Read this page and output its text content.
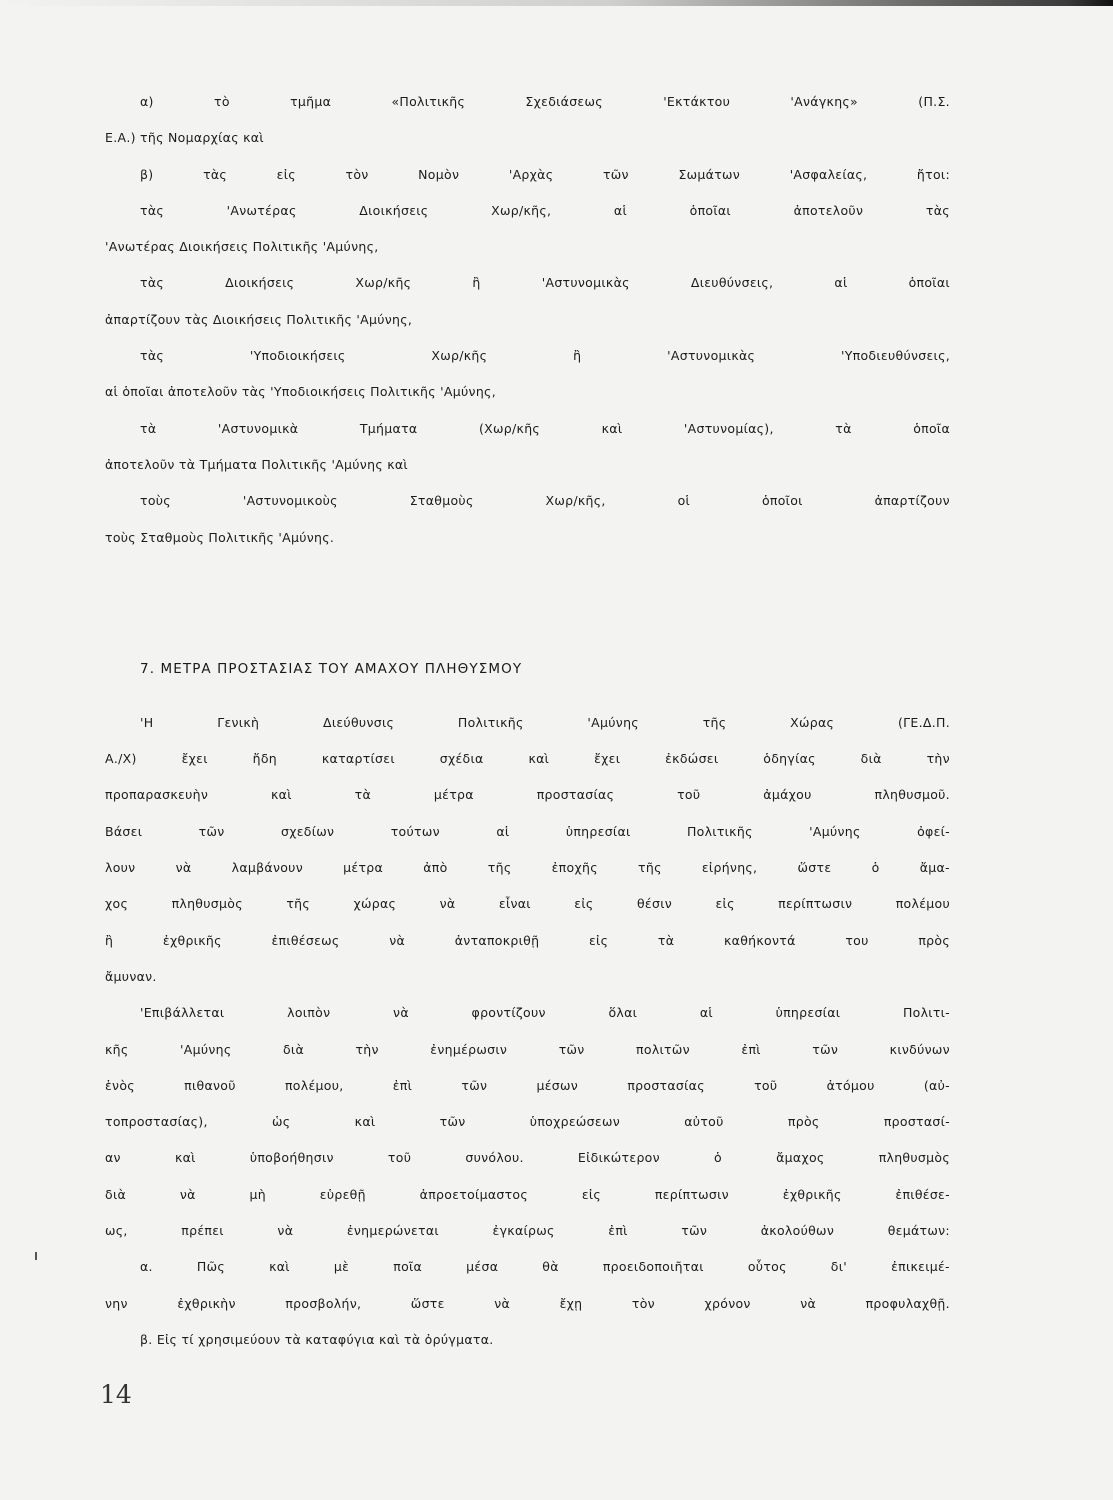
α)	τὸ	τμῆμα	«Πολιτικῆς	Σχεδιάσεως	'Εκτάκτου	'Ανάγκης»	(Π.Σ.
Ε.Α.) τῆς Νομαρχίας καὶ
β)	τὰς	εἰς	τὸν	Νομὸν	'Αρχὰς	τῶν	Σωμάτων	'Ασφαλείας,	ἤτοι:
τὰς	'Ανωτέρας	Διοικήσεις	Χωρ/κῆς,	αἱ	ὁποῖαι	ἀποτελοῦν	τὰς
'Ανωτέρας Διοικήσεις Πολιτικῆς 'Αμύνης,
τὰς	Διοικήσεις	Χωρ/κῆς	ἢ	'Αστυνομικὰς	Διευθύνσεις,	αἱ	ὁποῖαι
ἀπαρτίζουν τὰς Διοικήσεις Πολιτικῆς 'Αμύνης,
τὰς	'Υποδιοικήσεις	Χωρ/κῆς	ἢ	'Αστυνομικὰς	'Υποδιευθύνσεις,
αἱ ὁποῖαι ἀποτελοῦν τὰς 'Υποδιοικήσεις Πολιτικῆς 'Αμύνης,
τὰ	'Αστυνομικὰ	Τμήματα	(Χωρ/κῆς	καὶ	'Αστυνομίας),	τὰ	ὁποῖα
ἀποτελοῦν τὰ Τμήματα Πολιτικῆς 'Αμύνης καὶ
τοὺς	'Αστυνομικοὺς	Σταθμοὺς	Χωρ/κῆς,	οἱ	ὁποῖοι	ἀπαρτίζουν
τοὺς Σταθμοὺς Πολιτικῆς 'Αμύνης.
7. ΜΕΤΡΑ ΠΡΟΣΤΑΣΙΑΣ ΤΟΥ ΑΜΑΧΟΥ ΠΛΗΘΥΣΜΟΥ
'Η	Γενικὴ	Διεύθυνσις	Πολιτικῆς	'Αμύνης	τῆς	Χώρας	(ΓΕ.Δ.Π.
Α./Χ)	ἔχει	ἤδη	καταρτίσει	σχέδια	καὶ	ἔχει	ἐκδώσει	ὁδηγίας	διὰ	τὴν
προπαρασκευὴν	καὶ	τὰ	μέτρα	προστασίας	τοῦ	ἀμάχου	πληθυσμοῦ.
Βάσει	τῶν	σχεδίων	τούτων	αἱ	ὑπηρεσίαι	Πολιτικῆς	'Αμύνης	ὀφεί-
λουν	νὰ	λαμβάνουν	μέτρα	ἀπὸ	τῆς	ἐποχῆς	τῆς	εἰρήνης,	ὥστε	ὁ	ἄμα-
χος	πληθυσμὸς	τῆς	χώρας	νὰ	εἶναι	εἰς	θέσιν	εἰς	περίπτωσιν	πολέμου
ἢ	ἐχθρικῆς	ἐπιθέσεως	νὰ	ἀνταποκριθῇ	εἰς	τὰ	καθήκοντά	του	πρὸς
ἄμυναν.
'Επιβάλλεται	λοιπὸν	νὰ	φροντίζουν	ὅλαι	αἱ	ὑπηρεσίαι	Πολιτι-
κῆς	'Αμύνης	διὰ	τὴν	ἐνημέρωσιν	τῶν	πολιτῶν	ἐπὶ	τῶν	κινδύνων
ἑνὸς	πιθανοῦ	πολέμου,	ἐπὶ	τῶν	μέσων	προστασίας	τοῦ	ἀτόμου	(αὐ-
τοπροστασίας),	ὡς	καὶ	τῶν	ὑποχρεώσεων	αὐτοῦ	πρὸς	προστασί-
αν	καὶ	ὑποβοήθησιν	τοῦ	συνόλου.	Εἰδικώτερον	ὁ	ἄμαχος	πληθυσμὸς
διὰ	νὰ	μὴ	εὑρεθῇ	ἀπροετοίμαστος	εἰς	περίπτωσιν	ἐχθρικῆς	ἐπιθέσε-
ως,	πρέπει	νὰ	ἐνημερώνεται	ἐγκαίρως	ἐπὶ	τῶν	ἀκολούθων	θεμάτων:
α.	Πῶς	καὶ	μὲ	ποῖα	μέσα	θὰ	προειδοποιῆται	οὗτος	δι'	ἐπικειμέ-
νην	ἐχθρικὴν	προσβολήν,	ὥστε	νὰ	ἔχῃ	τὸν	χρόνον	νὰ	προφυλαχθῇ.
β. Εἰς τί χρησιμεύουν τὰ καταφύγια καὶ τὰ ὀρύγματα.
14
